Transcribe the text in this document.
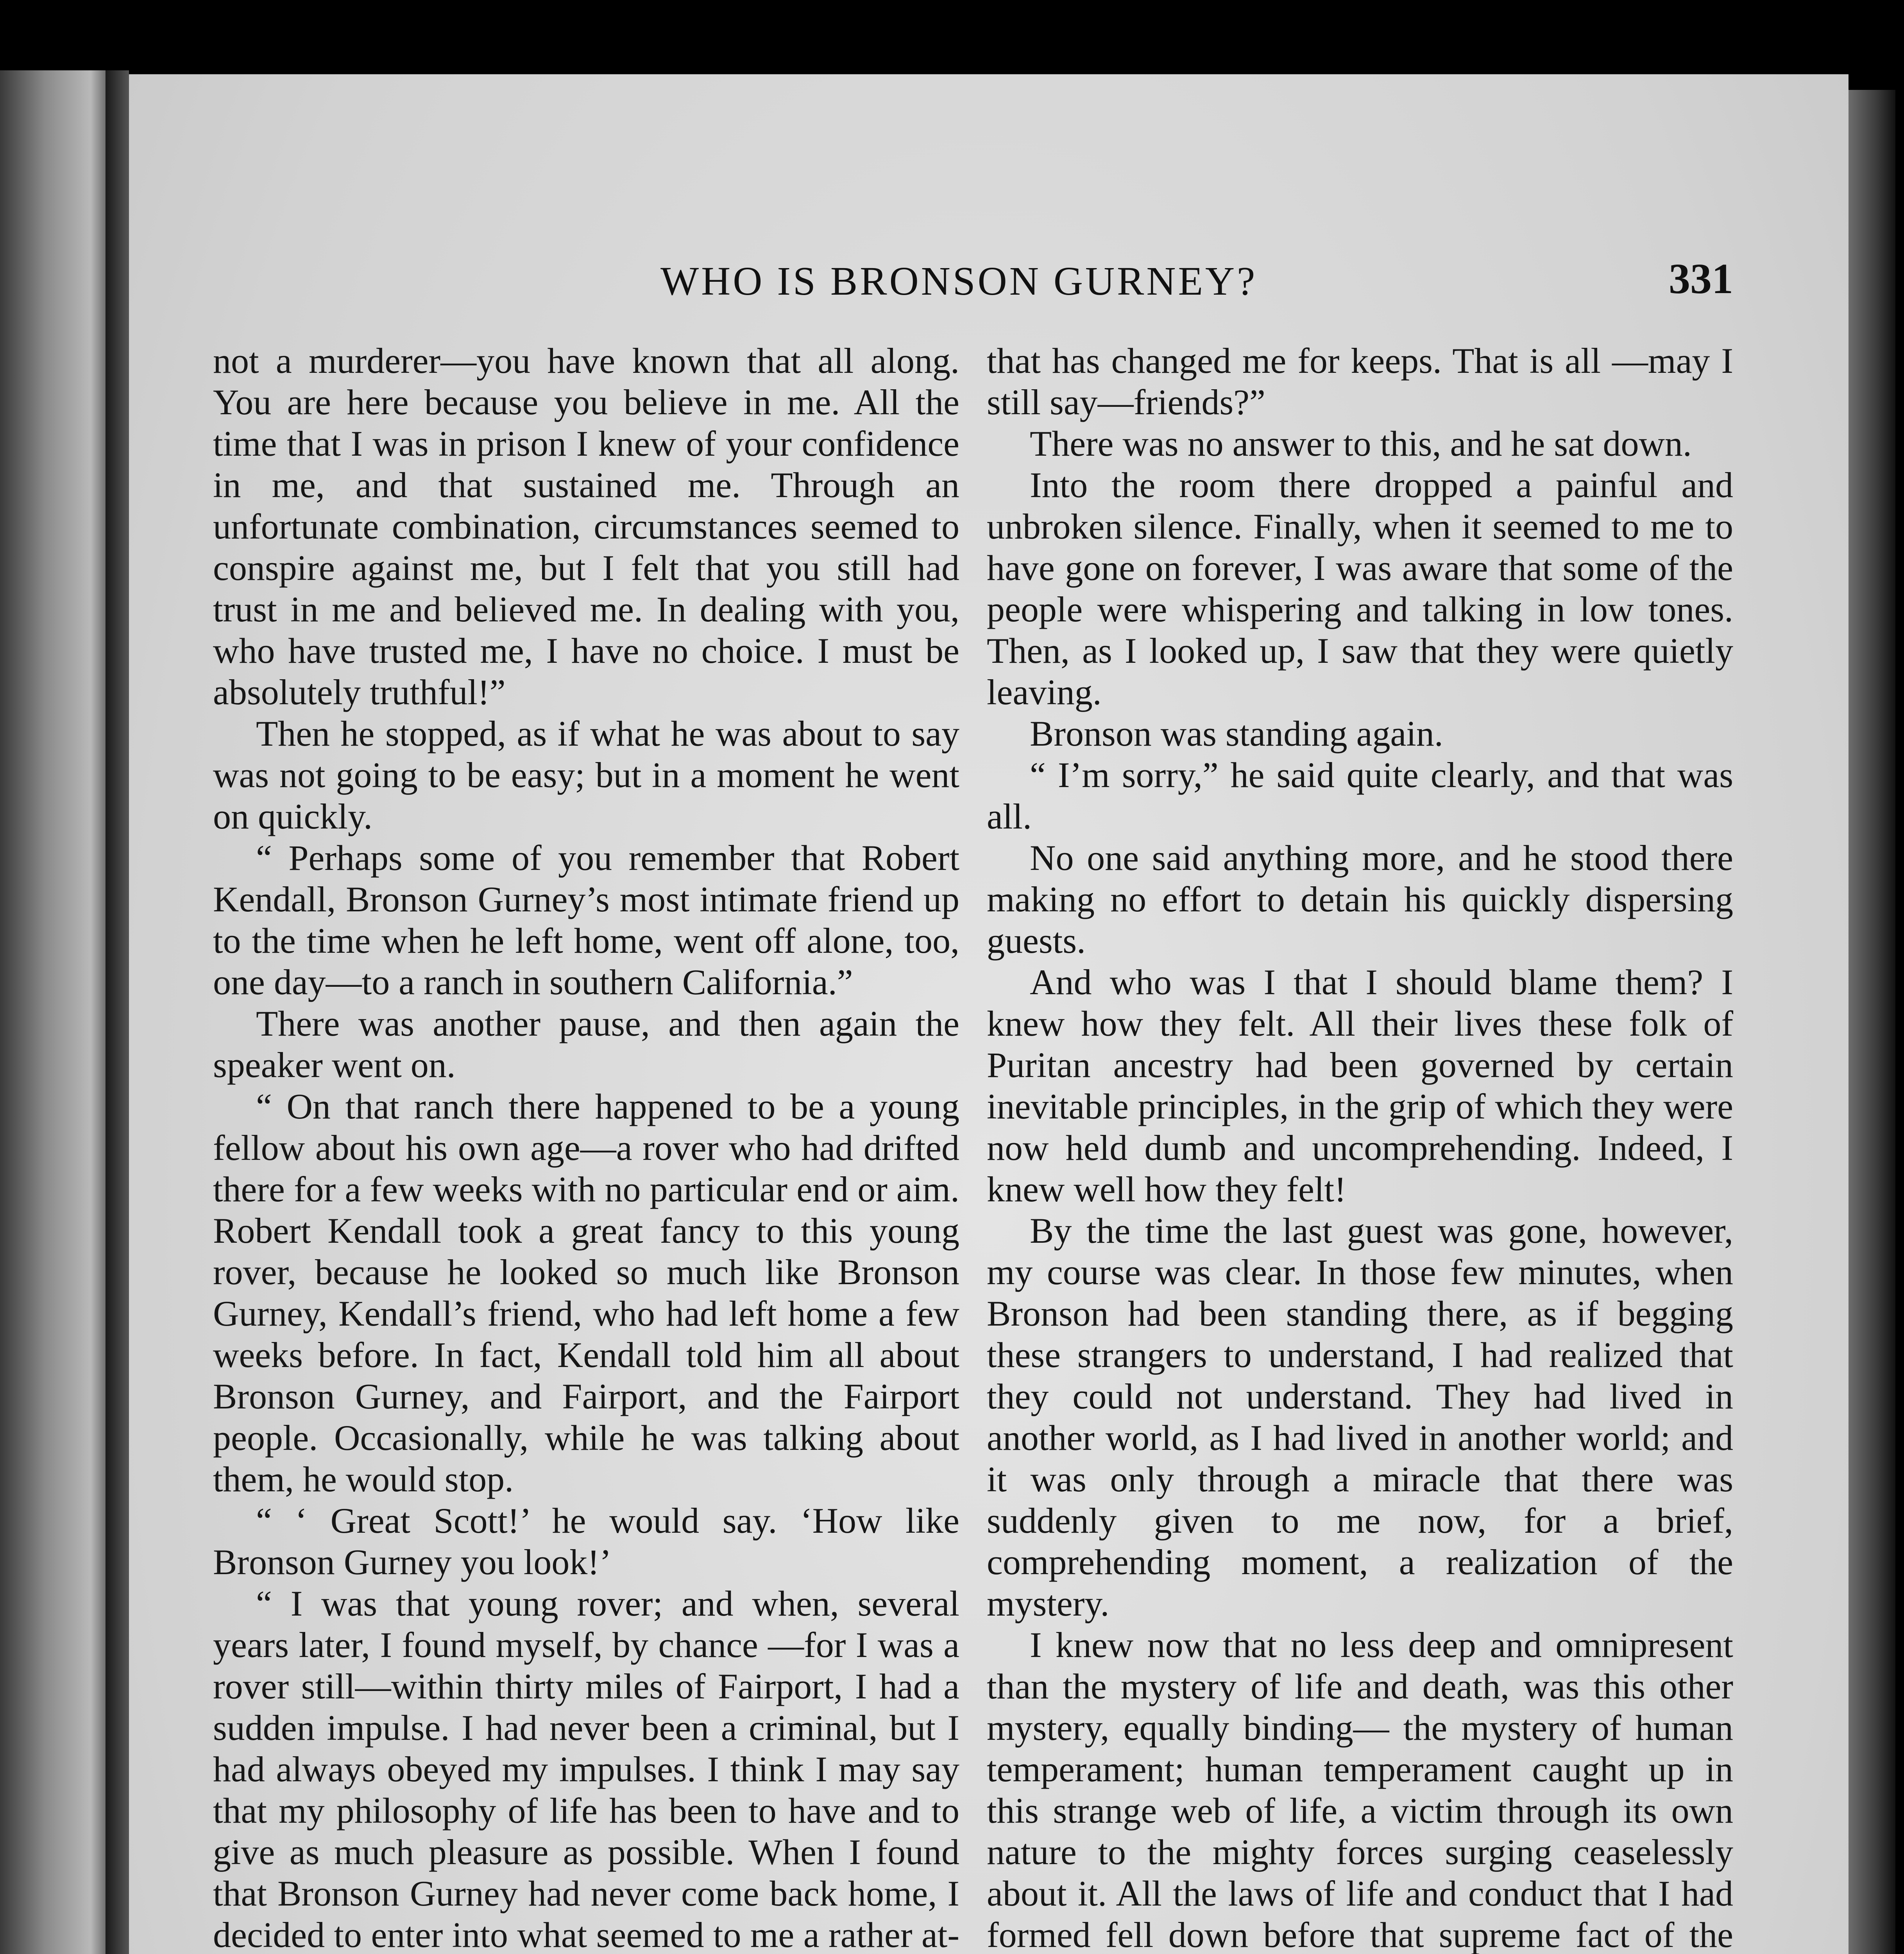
WHO IS BRONSON GURNEY?	331

not a murderer—you have known that all along. You are here because you believe in me. All the time that I was in prison I knew of your confidence in me, and that sustained me. Through an unfortunate combination, circumstances seemed to conspire against me, but I felt that you still had trust in me and believed me. In dealing with you, who have trusted me, I have no choice. I must be absolutely truthful!”

Then he stopped, as if what he was about to say was not going to be easy; but in a moment he went on quickly.

“ Perhaps some of you remember that Robert Kendall, Bronson Gurney’s most intimate friend up to the time when he left home, went off alone, too, one day—to a ranch in southern California.”

There was another pause, and then again the speaker went on.

“ On that ranch there happened to be a young fellow about his own age—a rover who had drifted there for a few weeks with no particular end or aim. Robert Kendall took a great fancy to this young rover, because he looked so much like Bronson Gurney, Kendall’s friend, who had left home a few weeks before. In fact, Kendall told him all about Bronson Gurney, and Fairport, and the Fairport people. Occasionally, while he was talking about them, he would stop.

“ ‘ Great Scott!’ he would say. ‘How like Bronson Gurney you look!’

“ I was that young rover; and when, several years later, I found myself, by chance —for I was a rover still—within thirty miles of Fairport, I had a sudden impulse. I had never been a criminal, but I had always obeyed my impulses. I think I may say that my philosophy of life has been to have and to give as much pleasure as possible. When I found that Bronson Gurney had never come back home, I decided to enter into what seemed to me a rather at

that has changed me for keeps. That is all —may I still say—friends?”

There was no answer to this, and he sat down.

Into the room there dropped a painful and unbroken silence. Finally, when it seemed to me to have gone on forever, I was aware that some of the people were whispering and talking in low tones. Then, as I looked up, I saw that they were quietly leaving.

Bronson was standing again.

“ I’m sorry,” he said quite clearly, and that was all.

No one said anything more, and he stood there making no effort to detain his quickly dispersing guests.

And who was I that I should blame them? I knew how they felt. All their lives these folk of Puritan ancestry had been governed by certain inevitable principles, in the grip of which they were now held dumb and uncomprehending. Indeed, I knew well how they felt!

By the time the last guest was gone, however, my course was clear. In those few minutes, when Bronson had been standing there, as if begging these strangers to understand, I had realized that they could not understand. They had lived in another world, as I had lived in another world; and it was only through a miracle that there was suddenly given to me now, for a brief, comprehending moment, a realization of the mystery.

I knew now that no less deep and omnipresent than the mystery of life and death, was this other mystery, equally binding— the mystery of human temperament; human temperament caught up in this strange web of life, a victim through its own nature to the mighty forces surging ceaselessly about it. All the laws of life and conduct that I had formed fell down before that supreme fact of the
